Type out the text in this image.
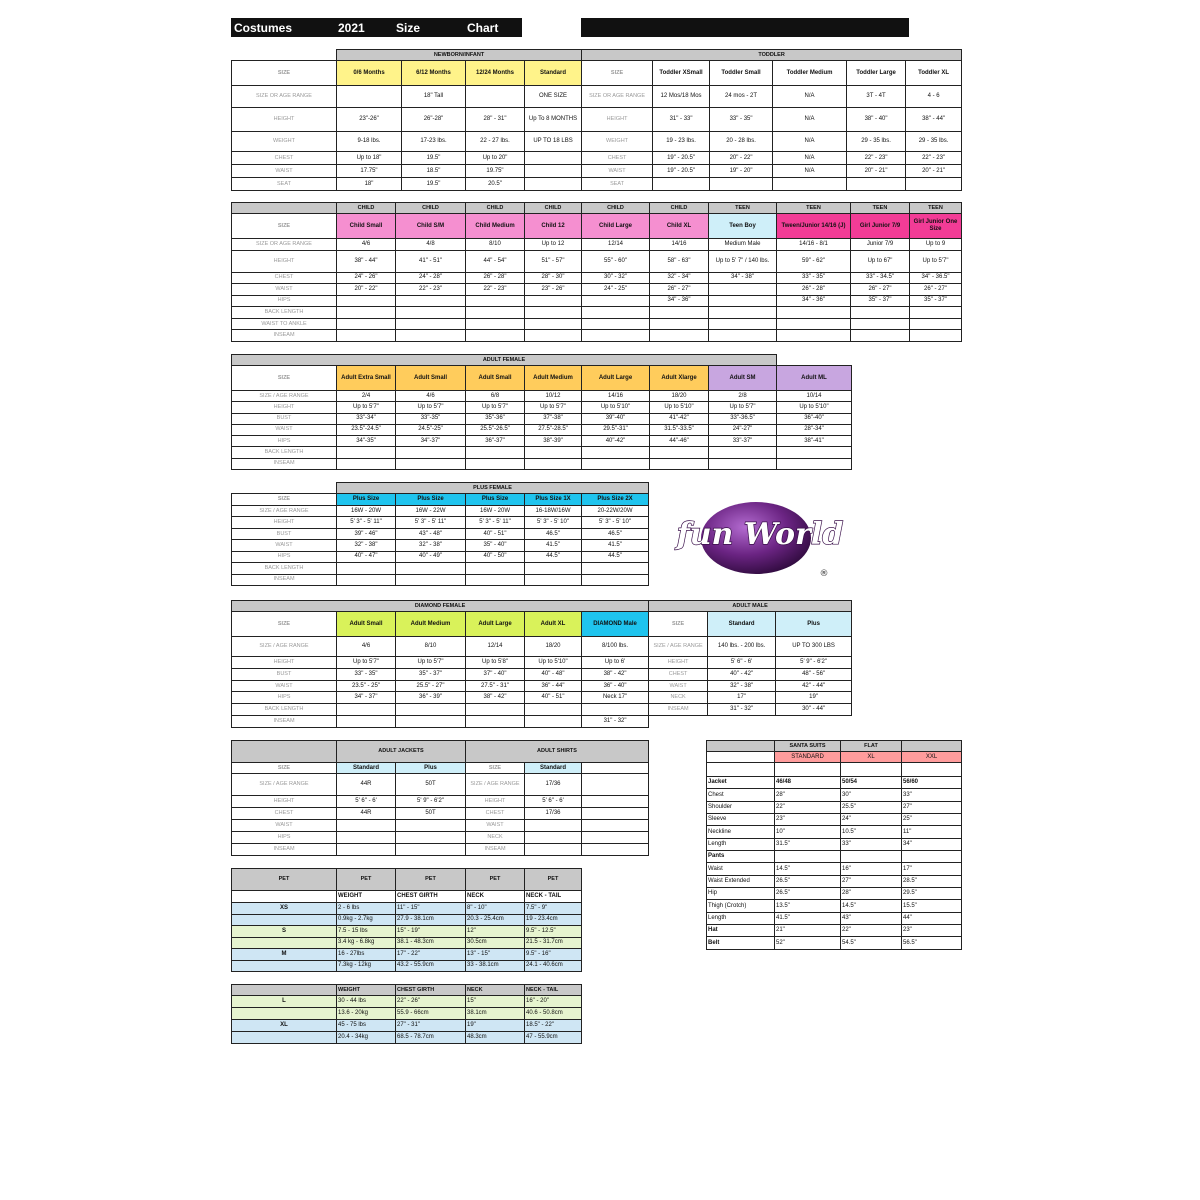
Costumes	2021	Size	Chart
	NEWBORN/INFANT				TODDLER					
SIZE	0/6 Months	6/12 Months	12/24 Months	Standard	SIZE	Toddler XSmall	Toddler Small	Toddler Medium	Toddler Large	Toddler XL
SIZE OR AGE RANGE		18" Tall		ONE SIZE	SIZE OR AGE RANGE	12 Mos/18 Mos	24 mos - 2T	N/A	3T - 4T	4 - 6
HEIGHT	23"-26"	26"-28"	28" - 31"	Up To 8 MONTHS	HEIGHT	31" - 33"	33" - 35"	N/A	38" - 40"	38" - 44"
WEIGHT	9-18 lbs.	17-23 lbs.	22 - 27 lbs.	UP TO 18 LBS	WEIGHT	19 - 23 lbs.	20 - 28 lbs.	N/A	29 - 35 lbs.	29 - 35 lbs.
CHEST	Up to 18"	19.5"	Up to 20"		CHEST	19" - 20.5"	20" - 22"	N/A	22" - 23"	22" - 23"
WAIST	17.75"	18.5"	19.75"		WAIST	19" - 20.5"	19" - 20"	N/A	20" - 21"	20" - 21"
SEAT	18"	19.5"	20.5"		SEAT					
	CHILD	CHILD	CHILD	CHILD	CHILD	CHILD	TEEN	TEEN	TEEN	TEEN
SIZE	Child Small	Child S/M	Child Medium	Child 12	Child Large	Child XL	Teen Boy	Tween/Junior 14/16 (J)	Girl Junior 7/9	Girl Junior One Size
SIZE OR AGE RANGE	4/6	4/8	8/10	Up to 12	12/14	14/16	Medium Male	14/16 - 8/1	Junior 7/9	Up to 9
HEIGHT	38" - 44"	41" - 51"	44" - 54"	51" - 57"	55" - 60"	58" - 63"	Up to 5' 7" / 140 lbs.	59" - 62"	Up to 67"	Up to 5'7"
CHEST	24" - 26"	24" - 28"	26" - 28"	28" - 30"	30" - 32"	32" - 34"	34" - 38"	33" - 35"	33" - 34.5"	34" - 36.5"
WAIST	20" - 22"	22" - 23"	22" - 23"	23" - 26"	24" - 25"	26" - 27"		26" - 28"	26" - 27"	26" - 27"
HIPS						34" - 36"		34" - 36"	35" - 37"	35" - 37"
BACK LENGTH										
WAIST TO ANKLE										
INSEAM										
ADULT FEMALE								
SIZE	Adult Extra Small	Adult Small	Adult Small	Adult Medium	Adult Large	Adult Xlarge	Adult SM	Adult ML
SIZE / AGE RANGE	2/4	4/6	6/8	10/12	14/16	18/20	2/8	10/14
HEIGHT	Up to 5'7"	Up to 5'7"	Up to 5'7"	Up to 5'7"	Up to 5'10"	Up to 5'10"	Up to 5'7"	Up to 5'10"
BUST	33"-34"	33"-35"	35"-36"	37"-38"	39"-40"	41"-42"	33"-36.5"	36"-40"
WAIST	23.5"-24.5"	24.5"-25"	25.5"-26.5"	27.5"-28.5"	29.5"-31"	31.5"-33.5"	24"-27"	28"-34"
HIPS	34"-35"	34"-37"	36"-37"	38"-39"	40"-42"	44"-46"	33"-37"	38"-41"
BACK LENGTH								
INSEAM								
	PLUS FEMALE				
SIZE	Plus Size	Plus Size	Plus Size	Plus Size 1X	Plus Size 2X
SIZE / AGE RANGE	16W - 20W	16W - 22W	16W - 20W	16-18W/16W	20-22W/20W
HEIGHT	5' 3" - 5' 11"	5' 3" - 5' 11"	5' 3" - 5' 11"	5' 3" - 5' 10"	5' 3" - 5' 10"
BUST	39" - 46"	43" - 48"	40" - 51"	46.5"	46.5"
WAIST	32" - 38"	32" - 38"	35" - 40"	41.5"	41.5"
HIPS	40" - 47"	40" - 49"	40" - 50"	44.5"	44.5"
BACK LENGTH					
INSEAM					
fun World
®
DIAMOND FEMALE						ADULT MALE		
SIZE	Adult Small	Adult Medium	Adult Large	Adult XL	DIAMOND Male	SIZE	Standard	Plus
SIZE / AGE RANGE	4/6	8/10	12/14	18/20	8/100 lbs.	SIZE / AGE RANGE	140 lbs. - 200 lbs.	UP TO 300 LBS
HEIGHT	Up to 5'7"	Up to 5'7"	Up to 5'8"	Up to 5'10"	Up to 6'	HEIGHT	5' 6" - 6'	5' 9" - 6'2"
BUST	33" - 35"	35" - 37"	37" - 40"	40" - 48"	38" - 42"	CHEST	40" - 42"	48" - 56"
WAIST	23.5" - 25"	25.5" - 27"	27.5" - 31"	36" - 44"	36" - 40"	WAIST	32" - 38"	42" - 44"
HIPS	34" - 37"	36" - 39"	38" - 42"	40" - 51"	Neck 17"	NECK	17"	19"
BACK LENGTH						INSEAM	31" - 32"	30" - 44"
INSEAM					31" - 32"			
	ADULT JACKETS		ADULT SHIRTS		
SIZE	Standard	Plus	SIZE	Standard	
SIZE / AGE RANGE	44R	50T	SIZE / AGE RANGE	17/36	
HEIGHT	5' 6" - 6'	5' 9" - 6'2"	HEIGHT	5' 6" - 6'	
CHEST	44R	50T	CHEST	17/36	
WAIST			WAIST		
HIPS			NECK		
INSEAM			INSEAM		
	SANTA SUITS	FLAT	
	STANDARD	XL	XXL

Jacket	46/48	50/54	56/60
Chest	28"	30"	33"
Shoulder	22"	25.5"	27"
Sleeve	23"	24"	25"
Neckline	10"	10.5"	11"
Length	31.5"	33"	34"
Pants			
Waist	14.5"	16"	17"
Waist Extended	26.5"	27"	28.5"
Hip	26.5"	28"	29.5"
Thigh (Crotch)	13.5"	14.5"	15.5"
Length	41.5"	43"	44"
Hat	21"	22"	23"
Belt	52"	54.5"	56.5"
PET	PET	PET	PET	PET
	WEIGHT	CHEST GIRTH	NECK	NECK - TAIL
XS	2 - 6 lbs	11" - 15"	8" - 10"	7.5" - 9"
	0.9kg - 2.7kg	27.9 - 38.1cm	20.3 - 25.4cm	19 - 23.4cm
S	7.5 - 15 lbs	15" - 19"	12"	9.5" - 12.5"
	3.4 kg - 6.8kg	38.1 - 48.3cm	30.5cm	21.5 - 31.7cm
M	16 - 27lbs	17" - 22"	13" - 15"	9.5" - 16"
	7.3kg - 12kg	43.2 - 55.9cm	33 - 38.1cm	24.1 - 40.6cm
	WEIGHT	CHEST GIRTH	NECK	NECK - TAIL
L	30 - 44 lbs	22" - 26"	15"	16" - 20"
	13.6 - 20kg	55.9 - 66cm	38.1cm	40.6 - 50.8cm
XL	45 - 75 lbs	27" - 31"	19"	18.5" - 22"
	20.4 - 34kg	68.5 - 78.7cm	48.3cm	47 - 55.9cm
